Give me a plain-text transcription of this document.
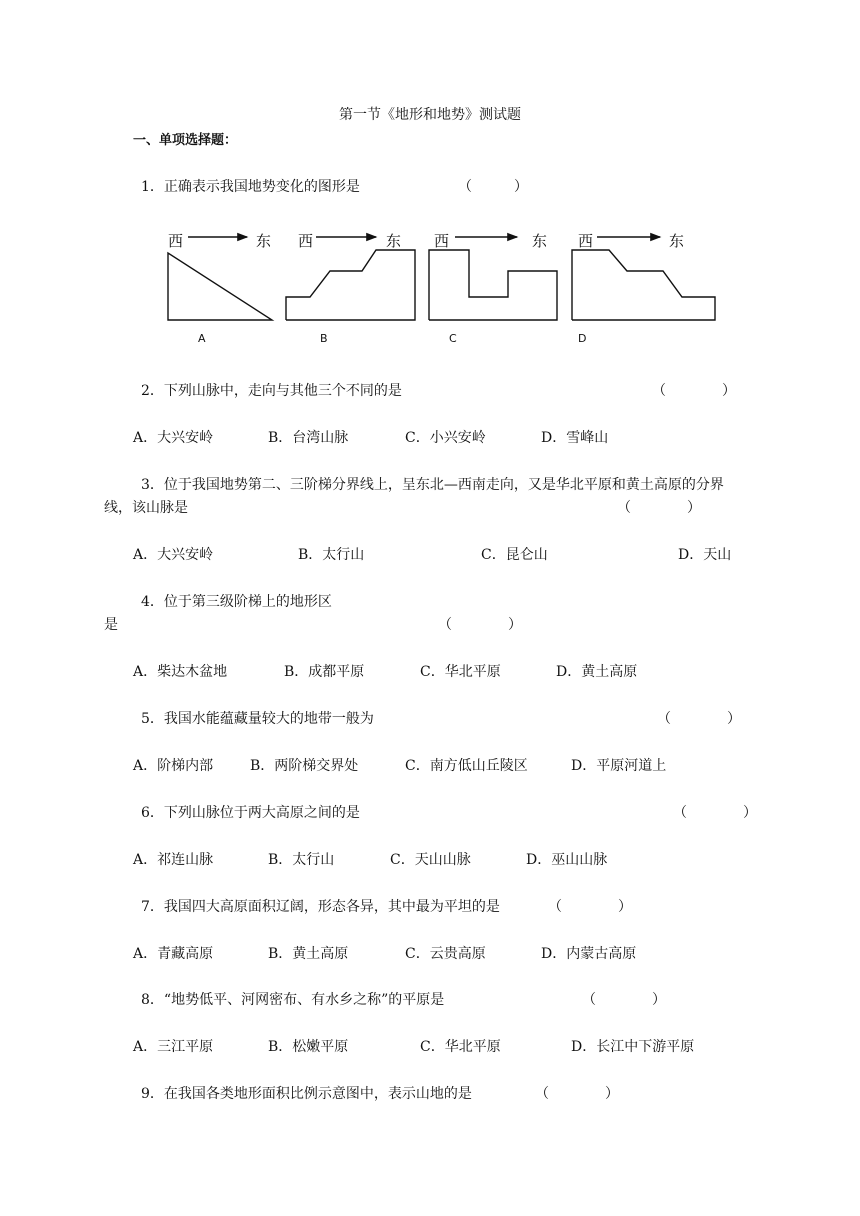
第一节《地形和地势》测试题
一、单项选择题：
1．正确表示我国地势变化的图形是	（　　　）
西	东 西	东 西	东 西	东
A	B	C	D
2．下列山脉中，走向与其他三个不同的是	（　　　　）
A．大兴安岭	B．台湾山脉	C．小兴安岭	D．雪峰山
3．位于我国地势第二、三阶梯分界线上，呈东北—西南走向，又是华北平原和黄土高原的分界
线，该山脉是	（　　　　）
A．大兴安岭	B．太行山	C．昆仑山	D．天山
4．位于第三级阶梯上的地形区
是	（　　　　）
A．柴达木盆地	B．成都平原	C．华北平原	D．黄土高原
5．我国水能蕴藏量较大的地带一般为	（　　　　）
A．阶梯内部	B．两阶梯交界处	C．南方低山丘陵区	D．平原河道上
6．下列山脉位于两大高原之间的是	（　　　　）
A．祁连山脉	B．太行山	C．天山山脉	D．巫山山脉
7．我国四大高原面积辽阔，形态各异，其中最为平坦的是	（　　　　）
A．青藏高原	B．黄土高原	C．云贵高原	D．内蒙古高原
8．“地势低平、河网密布、有水乡之称”的平原是	（　　　　）
A．三江平原	B．松嫩平原	C．华北平原	D．长江中下游平原
9．在我国各类地形面积比例示意图中，表示山地的是	（　　　　）
